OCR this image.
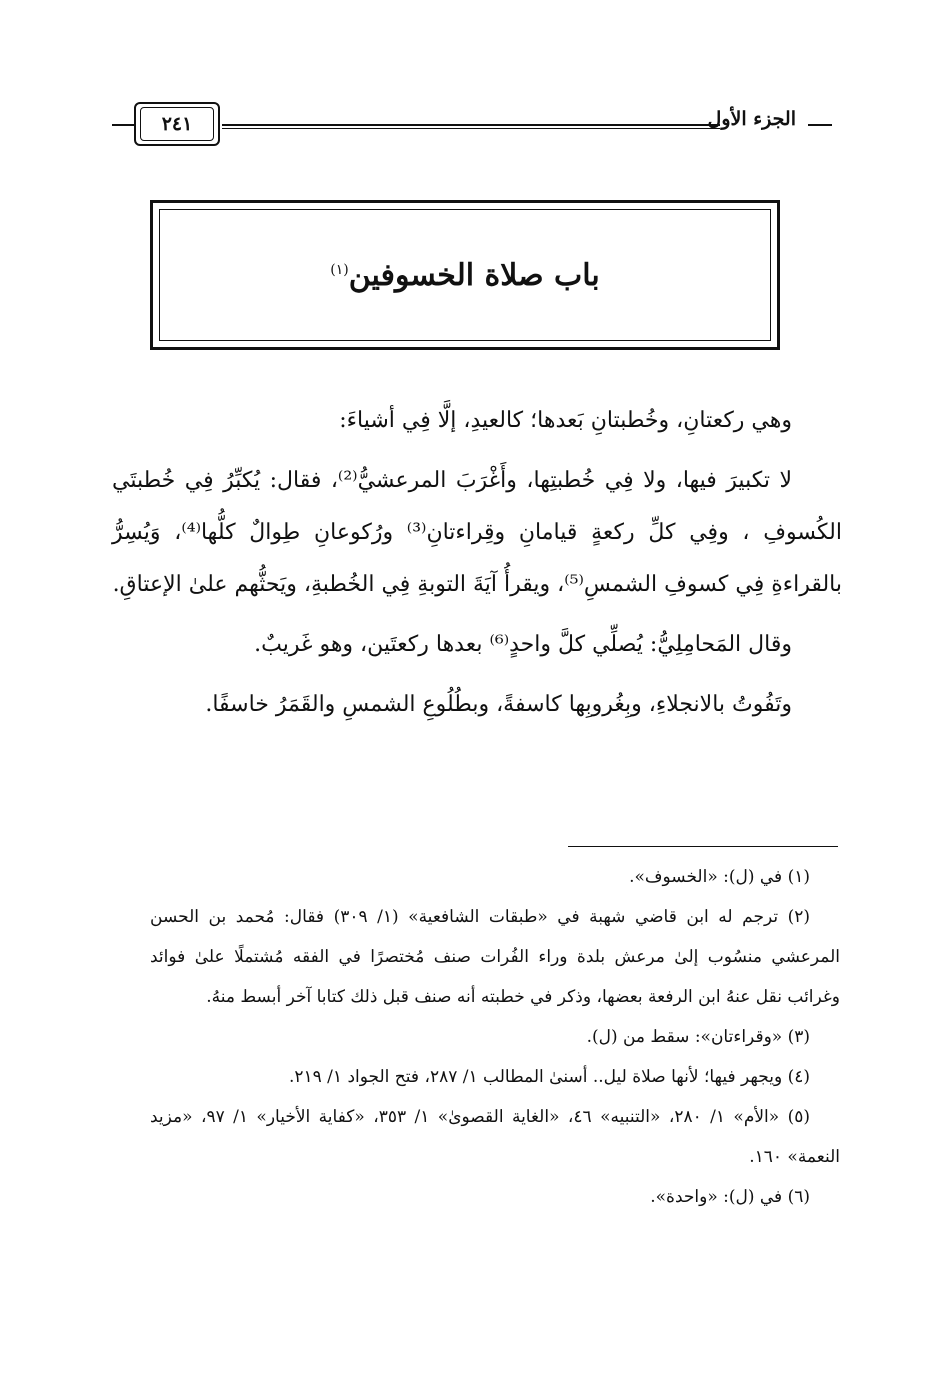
الجزء الأول
٢٤١
باب صلاة الخسوفين$^{(١)}$

وهي ركعتانِ، وخُطبتانِ بَعدها؛ كالعيدِ، إلَّا فِي أشياءَ:

لا تكبيرَ فيها، ولا فِي خُطبتِها، وأَغْرَبَ المرعشيُّ⁽²⁾، فقال: يُكبِّرُ فِي خُطبتَي الكُسوفِ ، وفِي كلِّ ركعةٍ قيامانِ وقِراءتانِ⁽³⁾ ورُكوعانِ طِوالٌ كلُّها⁽⁴⁾، وَيُسِرُّ بالقراءةِ فِي كسوفِ الشمسِ⁽⁵⁾، ويقرأُ آيَةَ التوبةِ فِي الخُطبةِ، ويَحثُّهم علىٰ الإعتاقِ.

وقال المَحامِلِيُّ: يُصلِّي كلَّ واحدٍ⁽⁶⁾ بعدها ركعتَين، وهو غَريبٌ.

وتَفُوتُ بالانجلاءِ، وبِغُروبِها كاسفةً، وبطُلُوعِ الشمسِ والقَمَرُ خاسفًا.

(١) في (ل): «الخسوف».

(٢) ترجم له ابن قاضي شهبة في «طبقات الشافعية» (١/ ٣٠٩) فقال: مُحمد بن الحسن المرعشي منسُوب إلىٰ مرعش بلدة وراء الفُرات صنف مُختصرًا في الفقه مُشتملًا علىٰ فوائد وغرائب نقل عنهُ ابن الرفعة بعضها، وذكر في خطبته أنه صنف قبل ذلك كتابا آخر أبسط منهُ.

(٣) «وقراءتان»: سقط من (ل).

(٤) ويجهر فيها؛ لأنها صلاة ليل.. أسنىٰ المطالب ١/ ٢٨٧، فتح الجواد ١/ ٢١٩.

(٥) «الأم» ١/ ٢٨٠، «التنبيه» ٤٦، «الغاية القصوىٰ» ١/ ٣٥٣، «كفاية الأخيار» ١/ ٩٧، «مزيد النعمة» ١٦٠.

(٦) في (ل): «واحدة».
